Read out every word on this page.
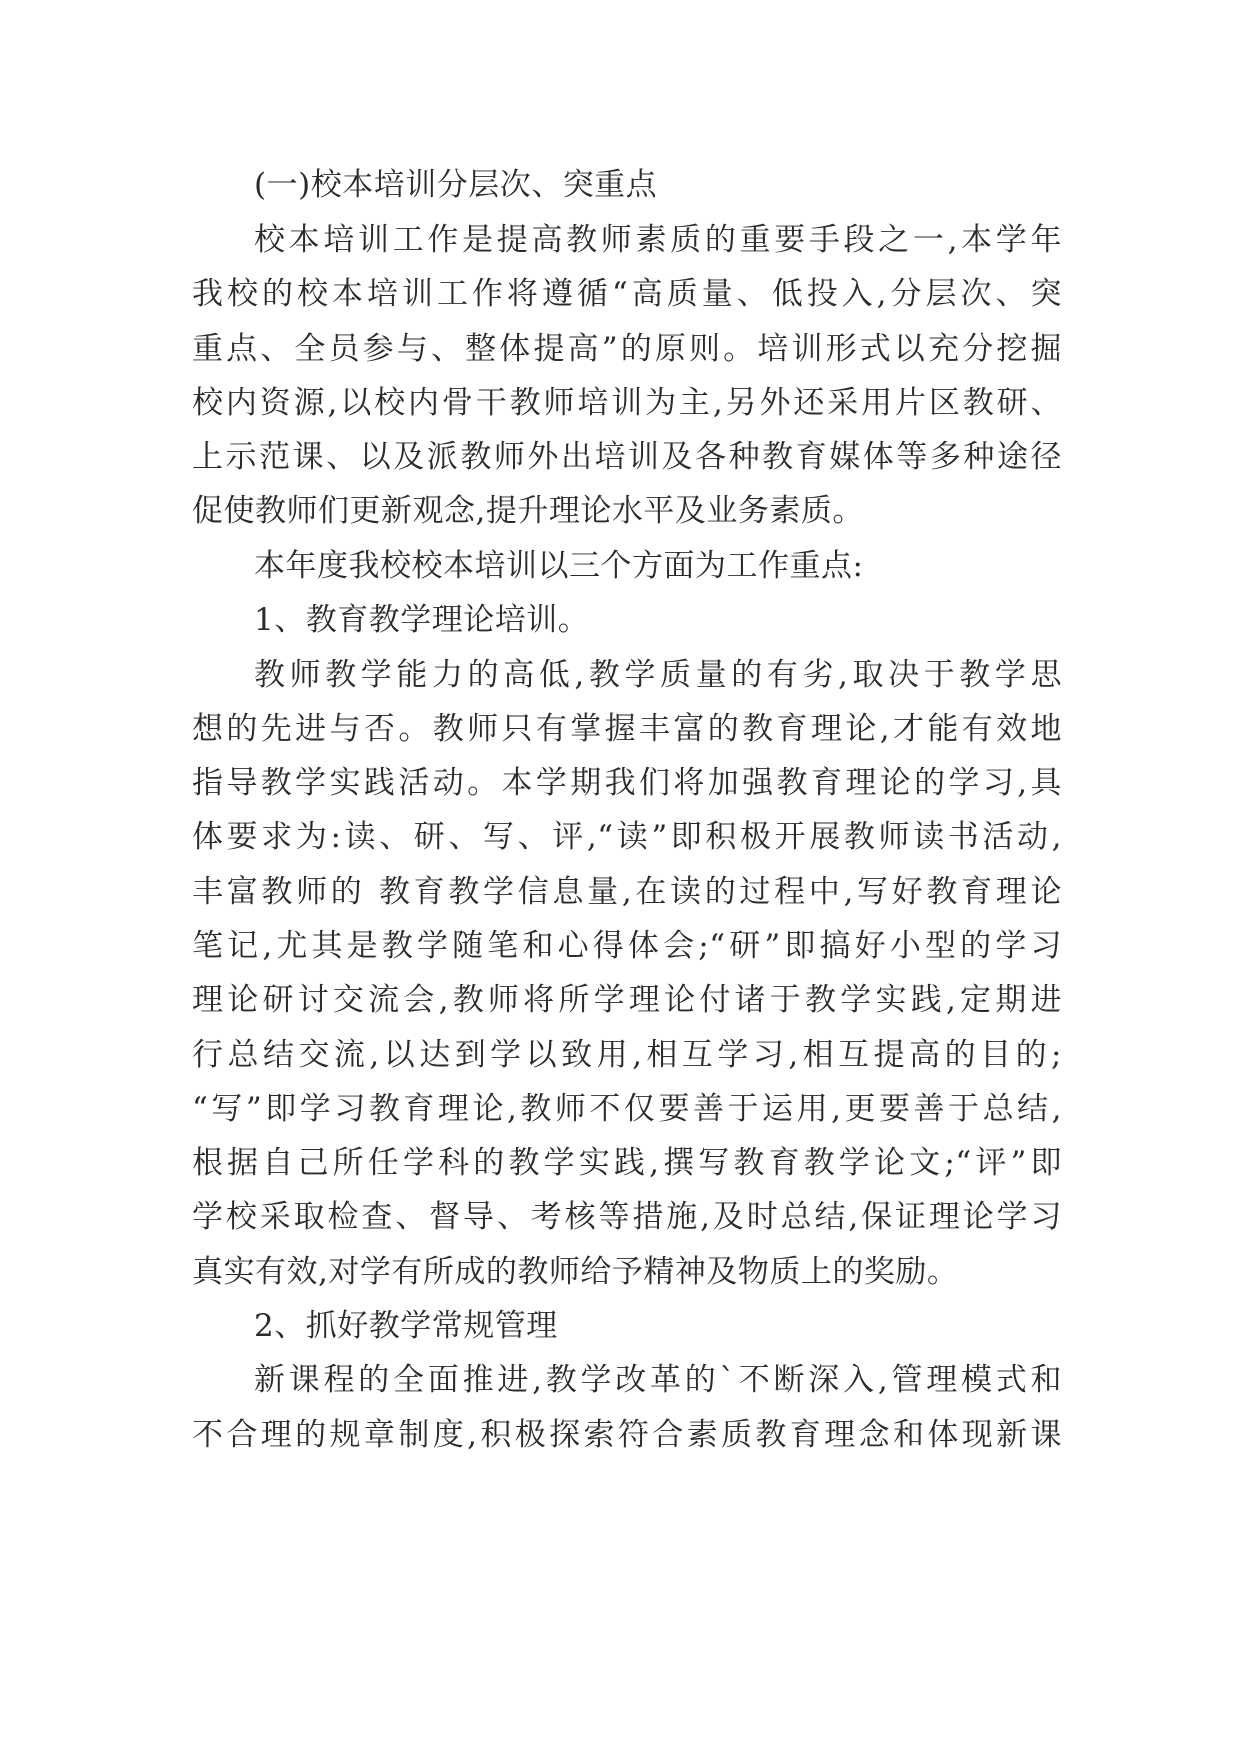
(一)校本培训分层次、突重点
校本培训工作是提高教师素质的重要手段之一,本学年
我校的校本培训工作将遵循“高质量、低投入,分层次、突
重点、全员参与、整体提高”的原则。培训形式以充分挖掘
校内资源,以校内骨干教师培训为主,另外还采用片区教研、
上示范课、以及派教师外出培训及各种教育媒体等多种途径
促使教师们更新观念,提升理论水平及业务素质。
本年度我校校本培训以三个方面为工作重点:
1、教育教学理论培训。
教师教学能力的高低,教学质量的有劣,取决于教学思
想的先进与否。教师只有掌握丰富的教育理论,才能有效地
指导教学实践活动。本学期我们将加强教育理论的学习,具
体要求为:读、研、写、评,“读”即积极开展教师读书活动,
丰富教师的 教育教学信息量,在读的过程中,写好教育理论
笔记,尤其是教学随笔和心得体会;“研”即搞好小型的学习
理论研讨交流会,教师将所学理论付诸于教学实践,定期进
行总结交流,以达到学以致用,相互学习,相互提高的目的;
“写”即学习教育理论,教师不仅要善于运用,更要善于总结,
根据自己所任学科的教学实践,撰写教育教学论文;“评”即
学校采取检查、督导、考核等措施,及时总结,保证理论学习
真实有效,对学有所成的教师给予精神及物质上的奖励。
2、抓好教学常规管理
新课程的全面推进,教学改革的`不断深入,管理模式和
不合理的规章制度,积极探索符合素质教育理念和体现新课
